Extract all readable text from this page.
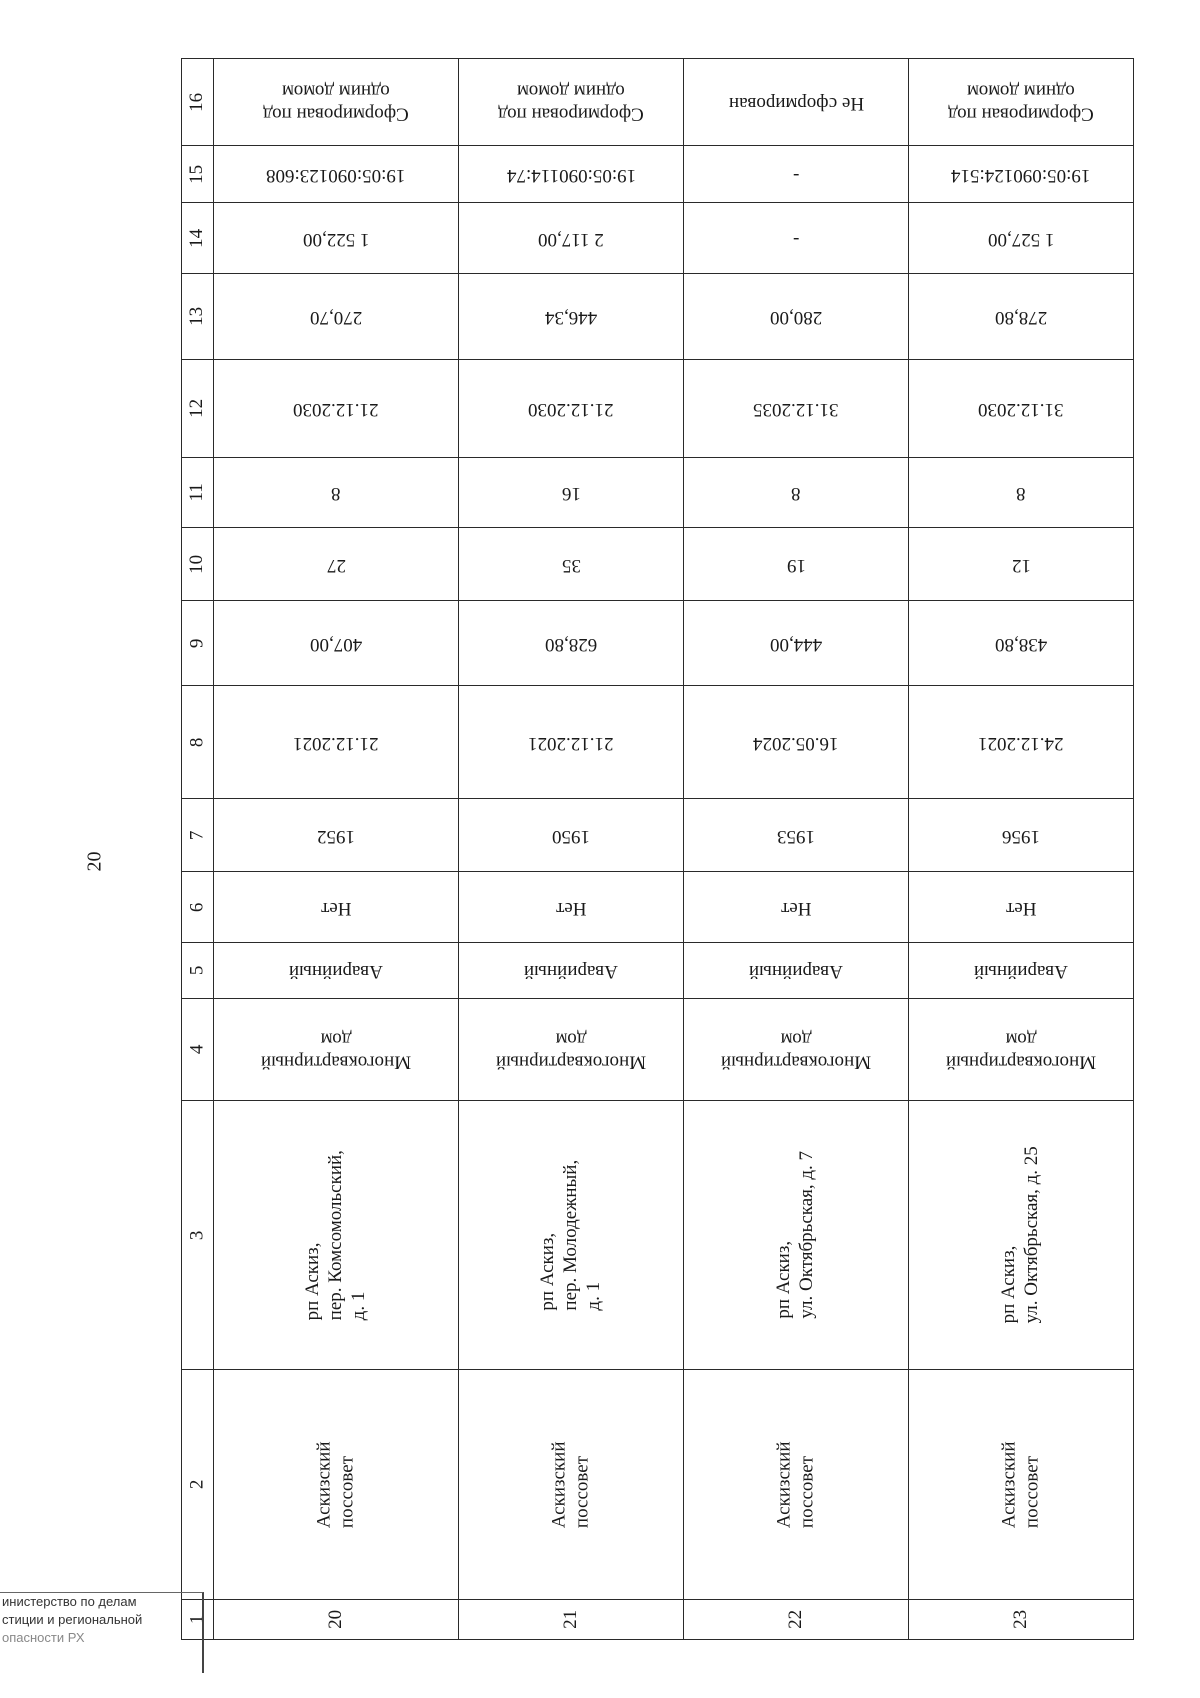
20
16	Сформирован под
одним домом	Сформирован под
одним домом	Не сформирован	Сформирован под
одним домом
15	19:05:090123:608	19:05:090114:74	-	19:05:090124:514
14	1 522,00	2 117,00	-	1 527,00
13	270,70	446,34	280,00	278,80
12	21.12.2030	21.12.2030	31.12.2035	31.12.2030
11	8	16	8	8
10	27	35	19	12
9	407,00	628,80	444,00	438,80
8	21.12.2021	21.12.2021	16.05.2024	24.12.2021
7	1952	1950	1953	1956
6	Нет	Нет	Нет	Нет
5	Аварийный	Аварийный	Аварийный	Аварийный
4	Многоквартирный
дом	Многоквартирный
дом	Многоквартирный
дом	Многоквартирный
дом
3	рп Аскиз,
пер. Комсомольский,
д. 1	рп Аскиз,
пер. Молодежный,
д. 1	рп Аскиз,
ул. Октябрьская, д. 7	рп Аскиз,
ул. Октябрьская, д. 25
2	Аскизский
поссовет	Аскизский
поссовет	Аскизский
поссовет	Аскизский
поссовет
1	20	21	22	23
инистерство по делам
стиции и региональной
опасности РХ
